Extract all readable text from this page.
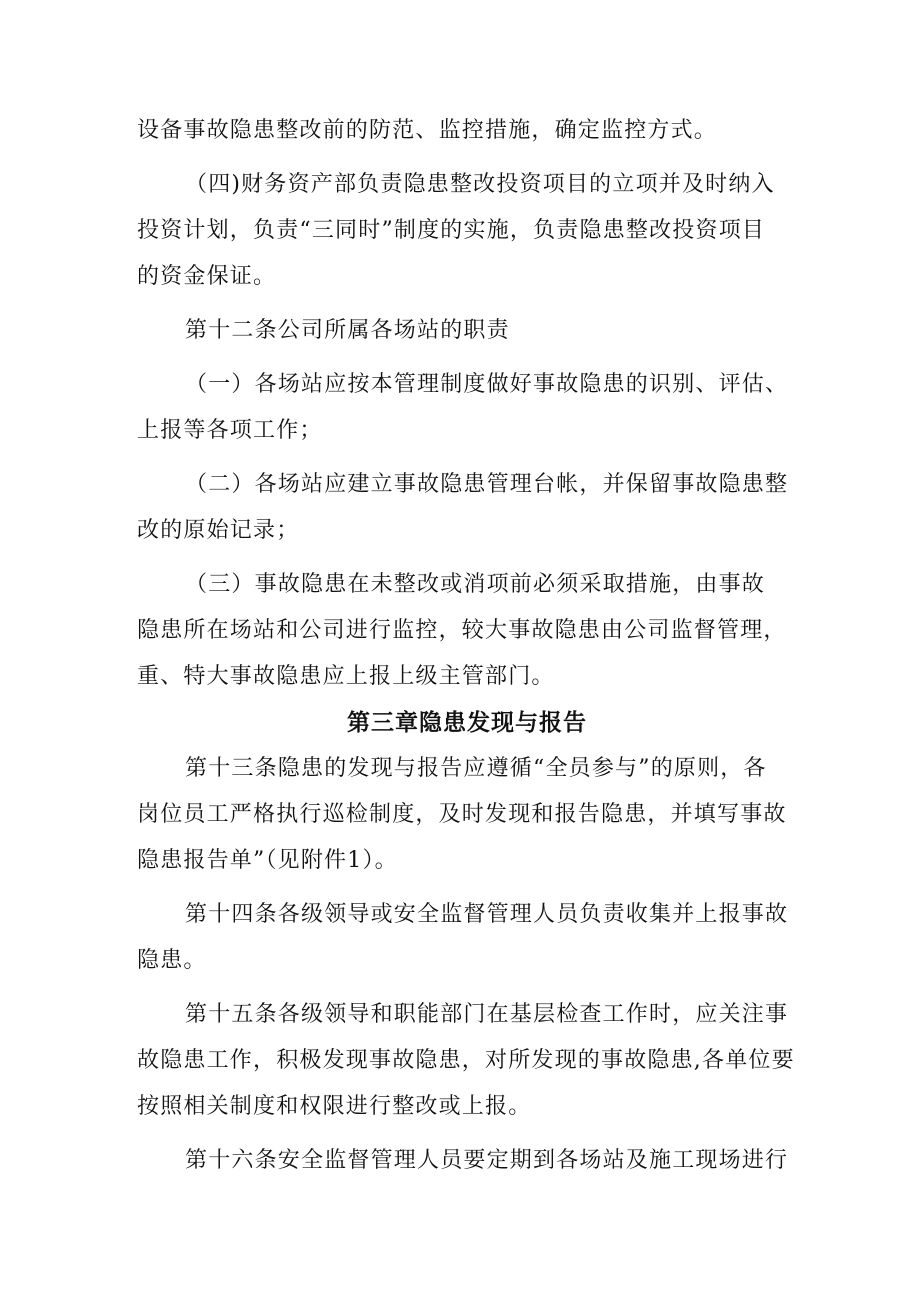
设备事故隐患整改前的防范、监控措施，确定监控方式。

（四)财务资产部负责隐患整改投资项目的立项并及时纳入
投资计划，负责“三同时”制度的实施，负责隐患整改投资项目
的资金保证。

第十二条公司所属各场站的职责

（一）各场站应按本管理制度做好事故隐患的识别、评估、
上报等各项工作；

（二）各场站应建立事故隐患管理台帐，并保留事故隐患整
改的原始记录；

（三）事故隐患在未整改或消项前必须采取措施，由事故
隐患所在场站和公司进行监控，较大事故隐患由公司监督管理，
重、特大事故隐患应上报上级主管部门。

第三章隐患发现与报告

第十三条隐患的发现与报告应遵循“全员参与”的原则，各
岗位员工严格执行巡检制度，及时发现和报告隐患，并填写事故
隐患报告单”（见附件1）。

第十四条各级领导或安全监督管理人员负责收集并上报事故
隐患。

第十五条各级领导和职能部门在基层检查工作时，应关注事
故隐患工作，积极发现事故隐患，对所发现的事故隐患,各单位要
按照相关制度和权限进行整改或上报。

第十六条安全监督管理人员要定期到各场站及施工现场进行
